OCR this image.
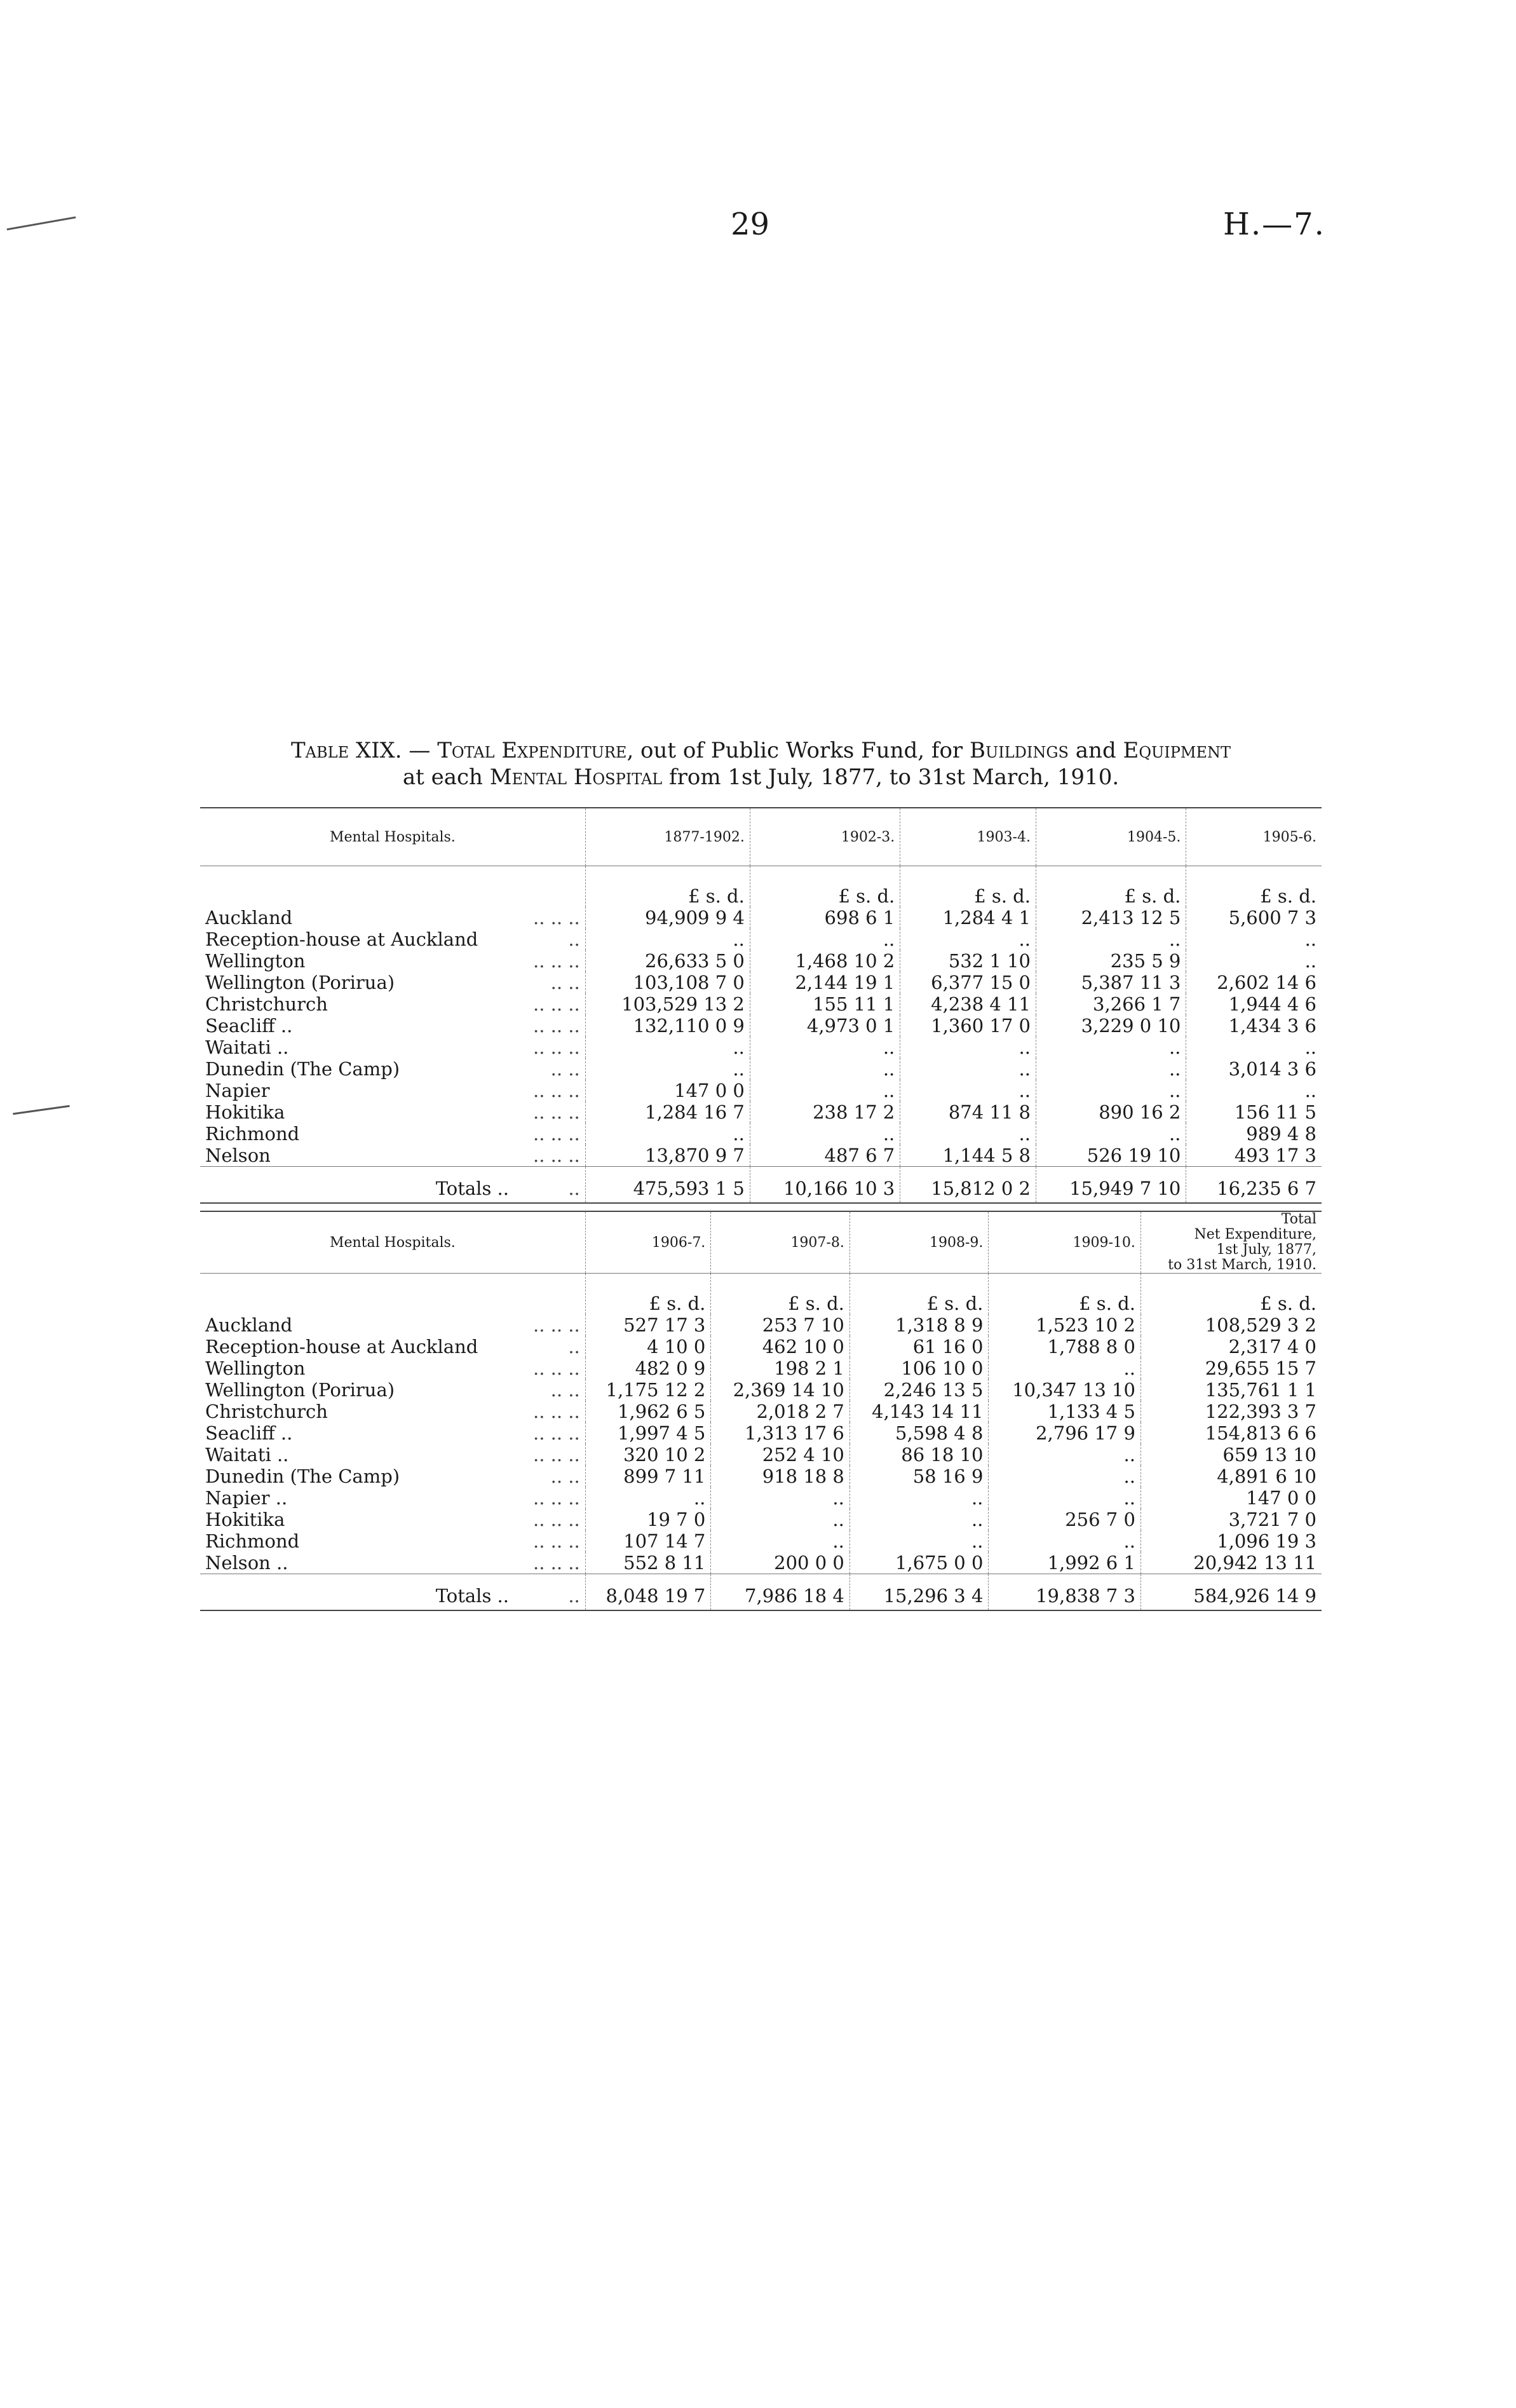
29	H.—7.
Table XIX. — Total Expenditure, out of Public Works Fund, for Buildings and Equipment
at each Mental Hospital from 1st July, 1877, to 31st March, 1910.
Mental Hospitals.		1877-1902.	1902-3.	1903-4.	1904-5.	1905-6.
		£ s. d.	£ s. d.	£ s. d.	£ s. d.	£ s. d.
Auckland	.. .. ..	94,909 9 4	698 6 1	1,284 4 1	2,413 12 5	5,600 7 3
Reception-house at Auckland	..	..	..	..	..	..
Wellington	.. .. ..	26,633 5 0	1,468 10 2	532 1 10	235 5 9	..
Wellington (Porirua)	.. ..	103,108 7 0	2,144 19 1	6,377 15 0	5,387 11 3	2,602 14 6
Christchurch	.. .. ..	103,529 13 2	155 11 1	4,238 4 11	3,266 1 7	1,944 4 6
Seacliff ..	.. .. ..	132,110 0 9	4,973 0 1	1,360 17 0	3,229 0 10	1,434 3 6
Waitati ..	.. .. ..	..	..	..	..	..
Dunedin (The Camp)	.. ..	..	..	..	..	3,014 3 6
Napier	.. .. ..	147 0 0	..	..	..	..
Hokitika	.. .. ..	1,284 16 7	238 17 2	874 11 8	890 16 2	156 11 5
Richmond	.. .. ..	..	..	..	..	989 4 8
Nelson	.. .. ..	13,870 9 7	487 6 7	1,144 5 8	526 19 10	493 17 3
Totals ..	..	475,593 1 5	10,166 10 3	15,812 0 2	15,949 7 10	16,235 6 7
Mental Hospitals.		1906-7.	1907-8.	1908-9.	1909-10.	Total
Net Expenditure,
1st July, 1877,
to 31st March, 1910.
		£ s. d.	£ s. d.	£ s. d.	£ s. d.	£ s. d.
Auckland	.. .. ..	527 17 3	253 7 10	1,318 8 9	1,523 10 2	108,529 3 2
Reception-house at Auckland	..	4 10 0	462 10 0	61 16 0	1,788 8 0	2,317 4 0
Wellington	.. .. ..	482 0 9	198 2 1	106 10 0	..	29,655 15 7
Wellington (Porirua)	.. ..	1,175 12 2	2,369 14 10	2,246 13 5	10,347 13 10	135,761 1 1
Christchurch	.. .. ..	1,962 6 5	2,018 2 7	4,143 14 11	1,133 4 5	122,393 3 7
Seacliff ..	.. .. ..	1,997 4 5	1,313 17 6	5,598 4 8	2,796 17 9	154,813 6 6
Waitati ..	.. .. ..	320 10 2	252 4 10	86 18 10	..	659 13 10
Dunedin (The Camp)	.. ..	899 7 11	918 18 8	58 16 9	..	4,891 6 10
Napier ..	.. .. ..	..	..	..	..	147 0 0
Hokitika	.. .. ..	19 7 0	..	..	256 7 0	3,721 7 0
Richmond	.. .. ..	107 14 7	..	..	..	1,096 19 3
Nelson ..	.. .. ..	552 8 11	200 0 0	1,675 0 0	1,992 6 1	20,942 13 11
Totals ..	..	8,048 19 7	7,986 18 4	15,296 3 4	19,838 7 3	584,926 14 9
